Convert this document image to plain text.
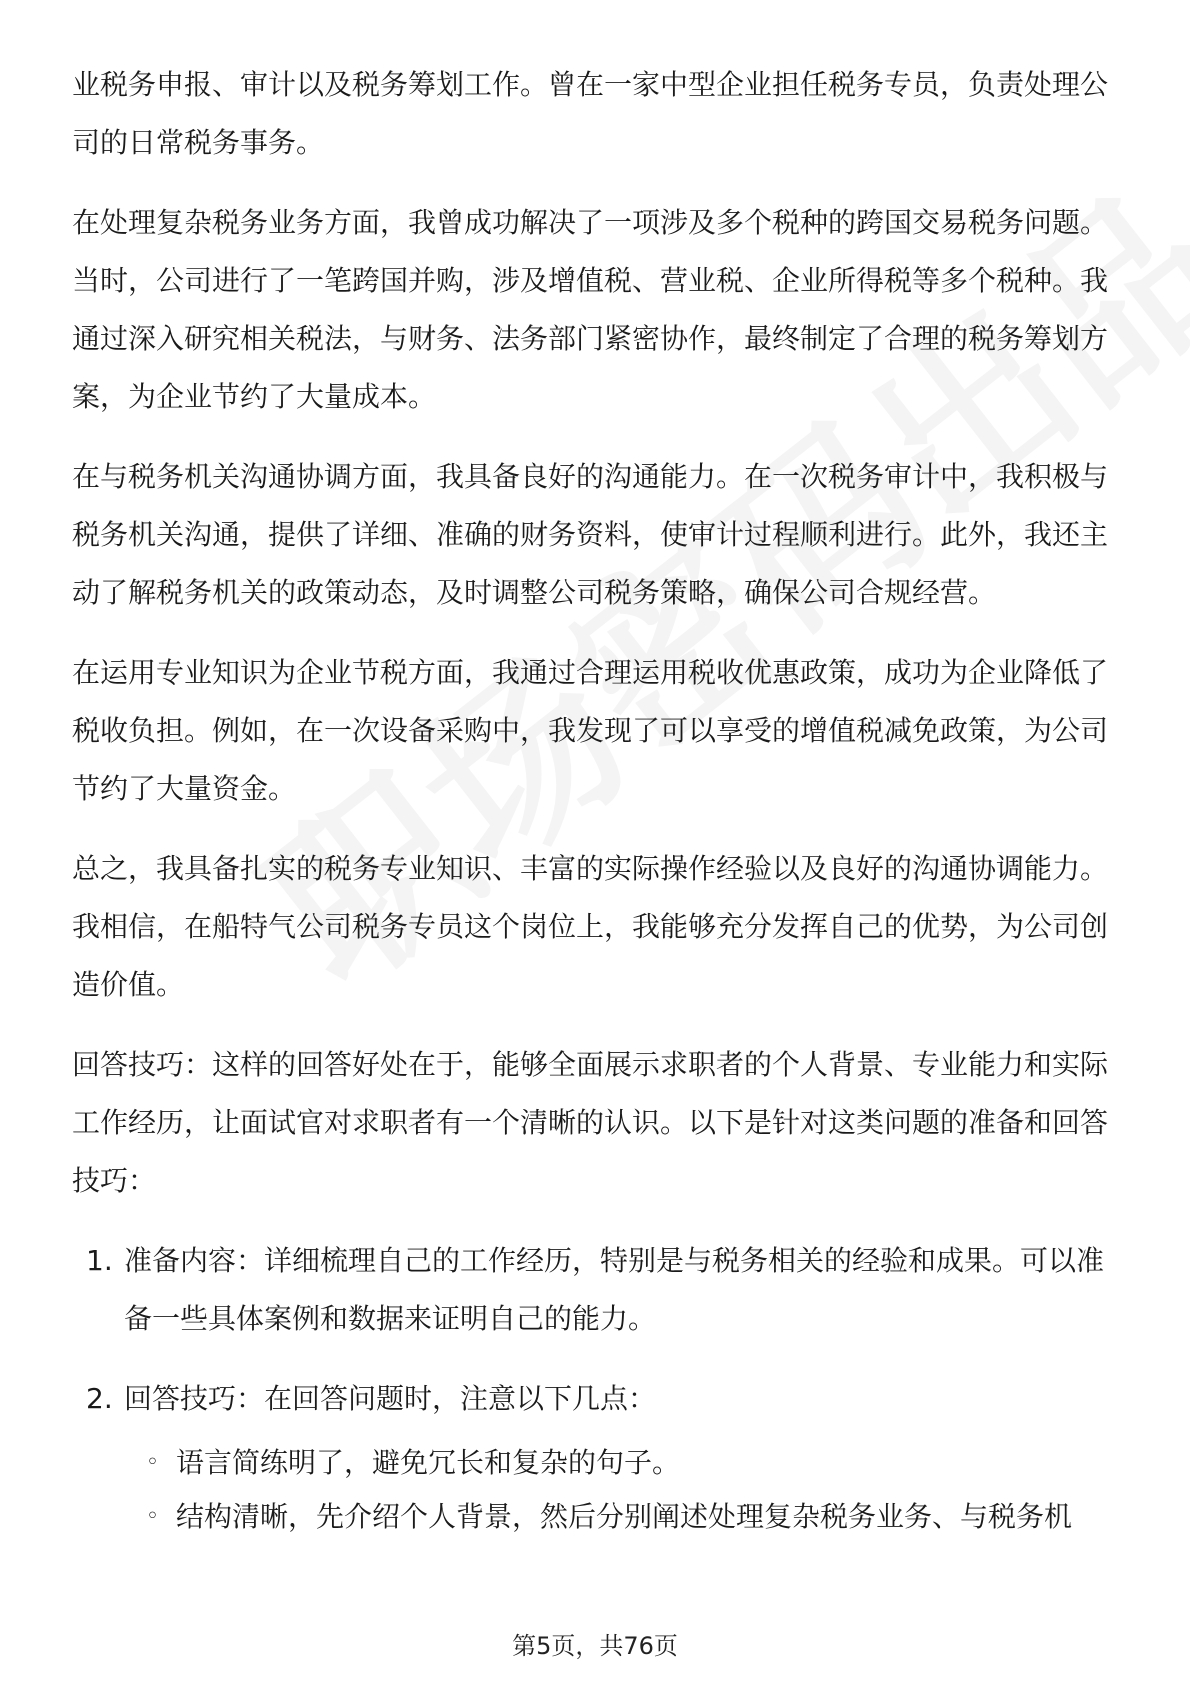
业税务申报、审计以及税务筹划工作。曾在一家中型企业担任税务专员，负责处理公司的日常税务事务。

在处理复杂税务业务方面，我曾成功解决了一项涉及多个税种的跨国交易税务问题。当时，公司进行了一笔跨国并购，涉及增值税、营业税、企业所得税等多个税种。我通过深入研究相关税法，与财务、法务部门紧密协作，最终制定了合理的税务筹划方案，为企业节约了大量成本。

在与税务机关沟通协调方面，我具备良好的沟通能力。在一次税务审计中，我积极与税务机关沟通，提供了详细、准确的财务资料，使审计过程顺利进行。此外，我还主动了解税务机关的政策动态，及时调整公司税务策略，确保公司合规经营。

在运用专业知识为企业节税方面，我通过合理运用税收优惠政策，成功为企业降低了税收负担。例如，在一次设备采购中，我发现了可以享受的增值税减免政策，为公司节约了大量资金。

总之，我具备扎实的税务专业知识、丰富的实际操作经验以及良好的沟通协调能力。我相信，在船特气公司税务专员这个岗位上，我能够充分发挥自己的优势，为公司创造价值。

回答技巧：这样的回答好处在于，能够全面展示求职者的个人背景、专业能力和实际工作经历，让面试官对求职者有一个清晰的认识。以下是针对这类问题的准备和回答技巧：

1. 准备内容：详细梳理自己的工作经历，特别是与税务相关的经验和成果。可以准备一些具体案例和数据来证明自己的能力。
2. 回答技巧：在回答问题时，注意以下几点：
◦ 语言简练明了，避免冗长和复杂的句子。
◦ 结构清晰，先介绍个人背景，然后分别阐述处理复杂税务业务、与税务机
第5页，共76页
